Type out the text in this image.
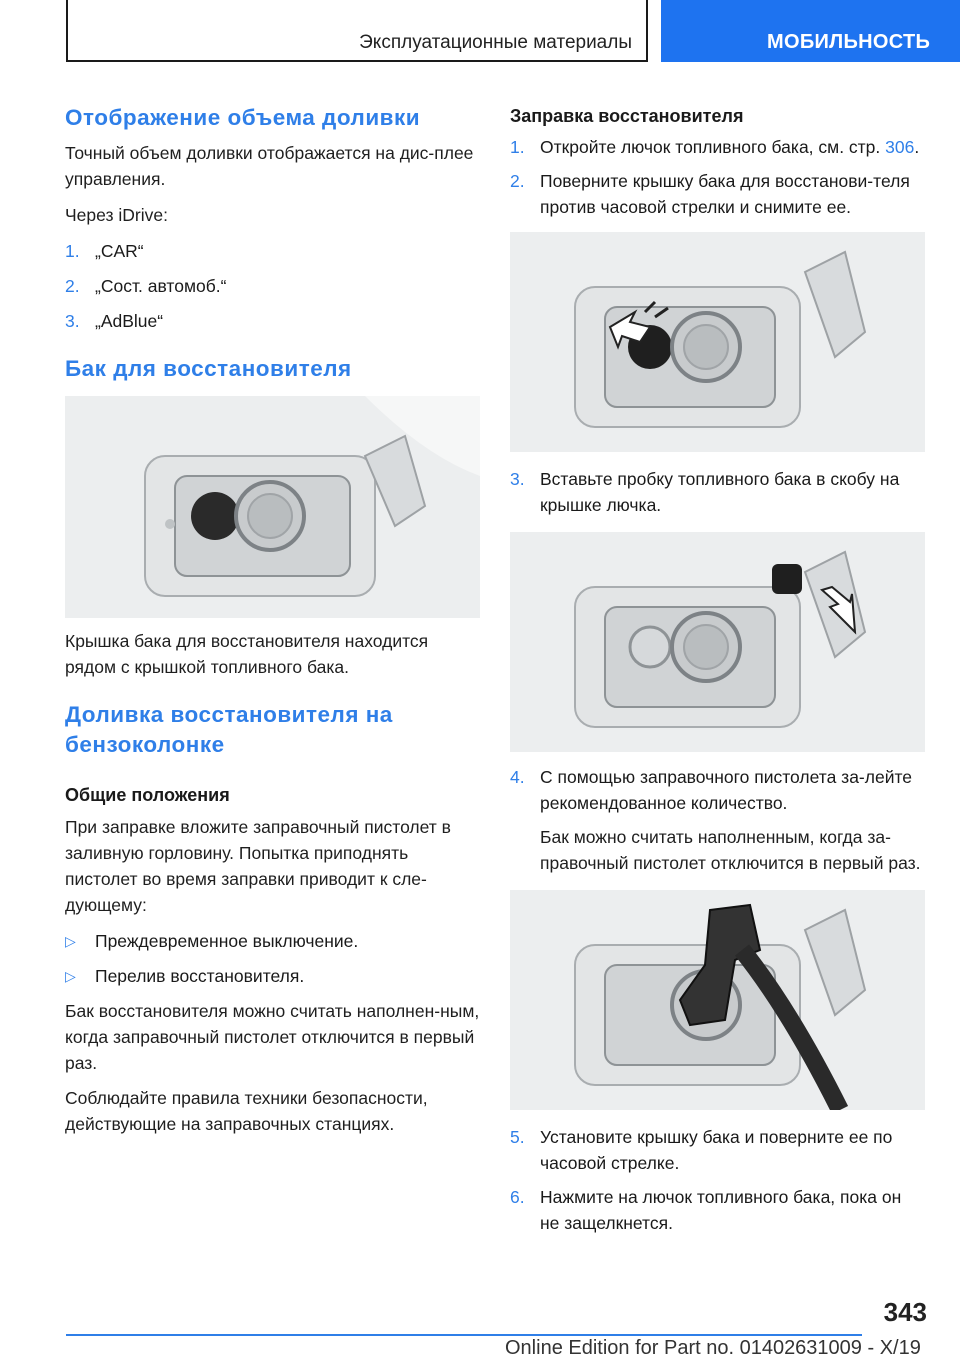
Эксплуатационные материалы	МОБИЛЬНОСТЬ
Отображение объема доливки

Точный объем доливки отображается на дис-плее управления.

Через iDrive:

1. „CAR“
2. „Сост. автомоб.“
3. „AdBlue“
Бак для восстановителя

Крышка бака для восстановителя находится рядом с крышкой топливного бака.

Доливка восстановителя на бензоколонке
Общие положения

При заправке вложите заправочный пистолет в заливную горловину. Попытка приподнять пистолет во время заправки приводит к сле-дующему:

▷ Преждевременное выключение.
▷ Перелив восстановителя.

Бак восстановителя можно считать наполнен-ным, когда заправочный пистолет отключится в первый раз.

Соблюдайте правила техники безопасности, действующие на заправочных станциях.

Заправка восстановителя
1. Откройте лючок топливного бака, см. стр. 306.
2. Поверните крышку бака для восстанови-теля против часовой стрелки и снимите ее.
3. Вставьте пробку топливного бака в скобу на крышке лючка.
4. С помощью заправочного пистолета за-лейте рекомендованное количество.

Бак можно считать наполненным, когда за-правочный пистолет отключится в первый раз.

5. Установите крышку бака и поверните ее по часовой стрелке.
6. Нажмите на лючок топливного бака, пока он не защелкнется.
343
Online Edition for Part no. 01402631009 - X/19
